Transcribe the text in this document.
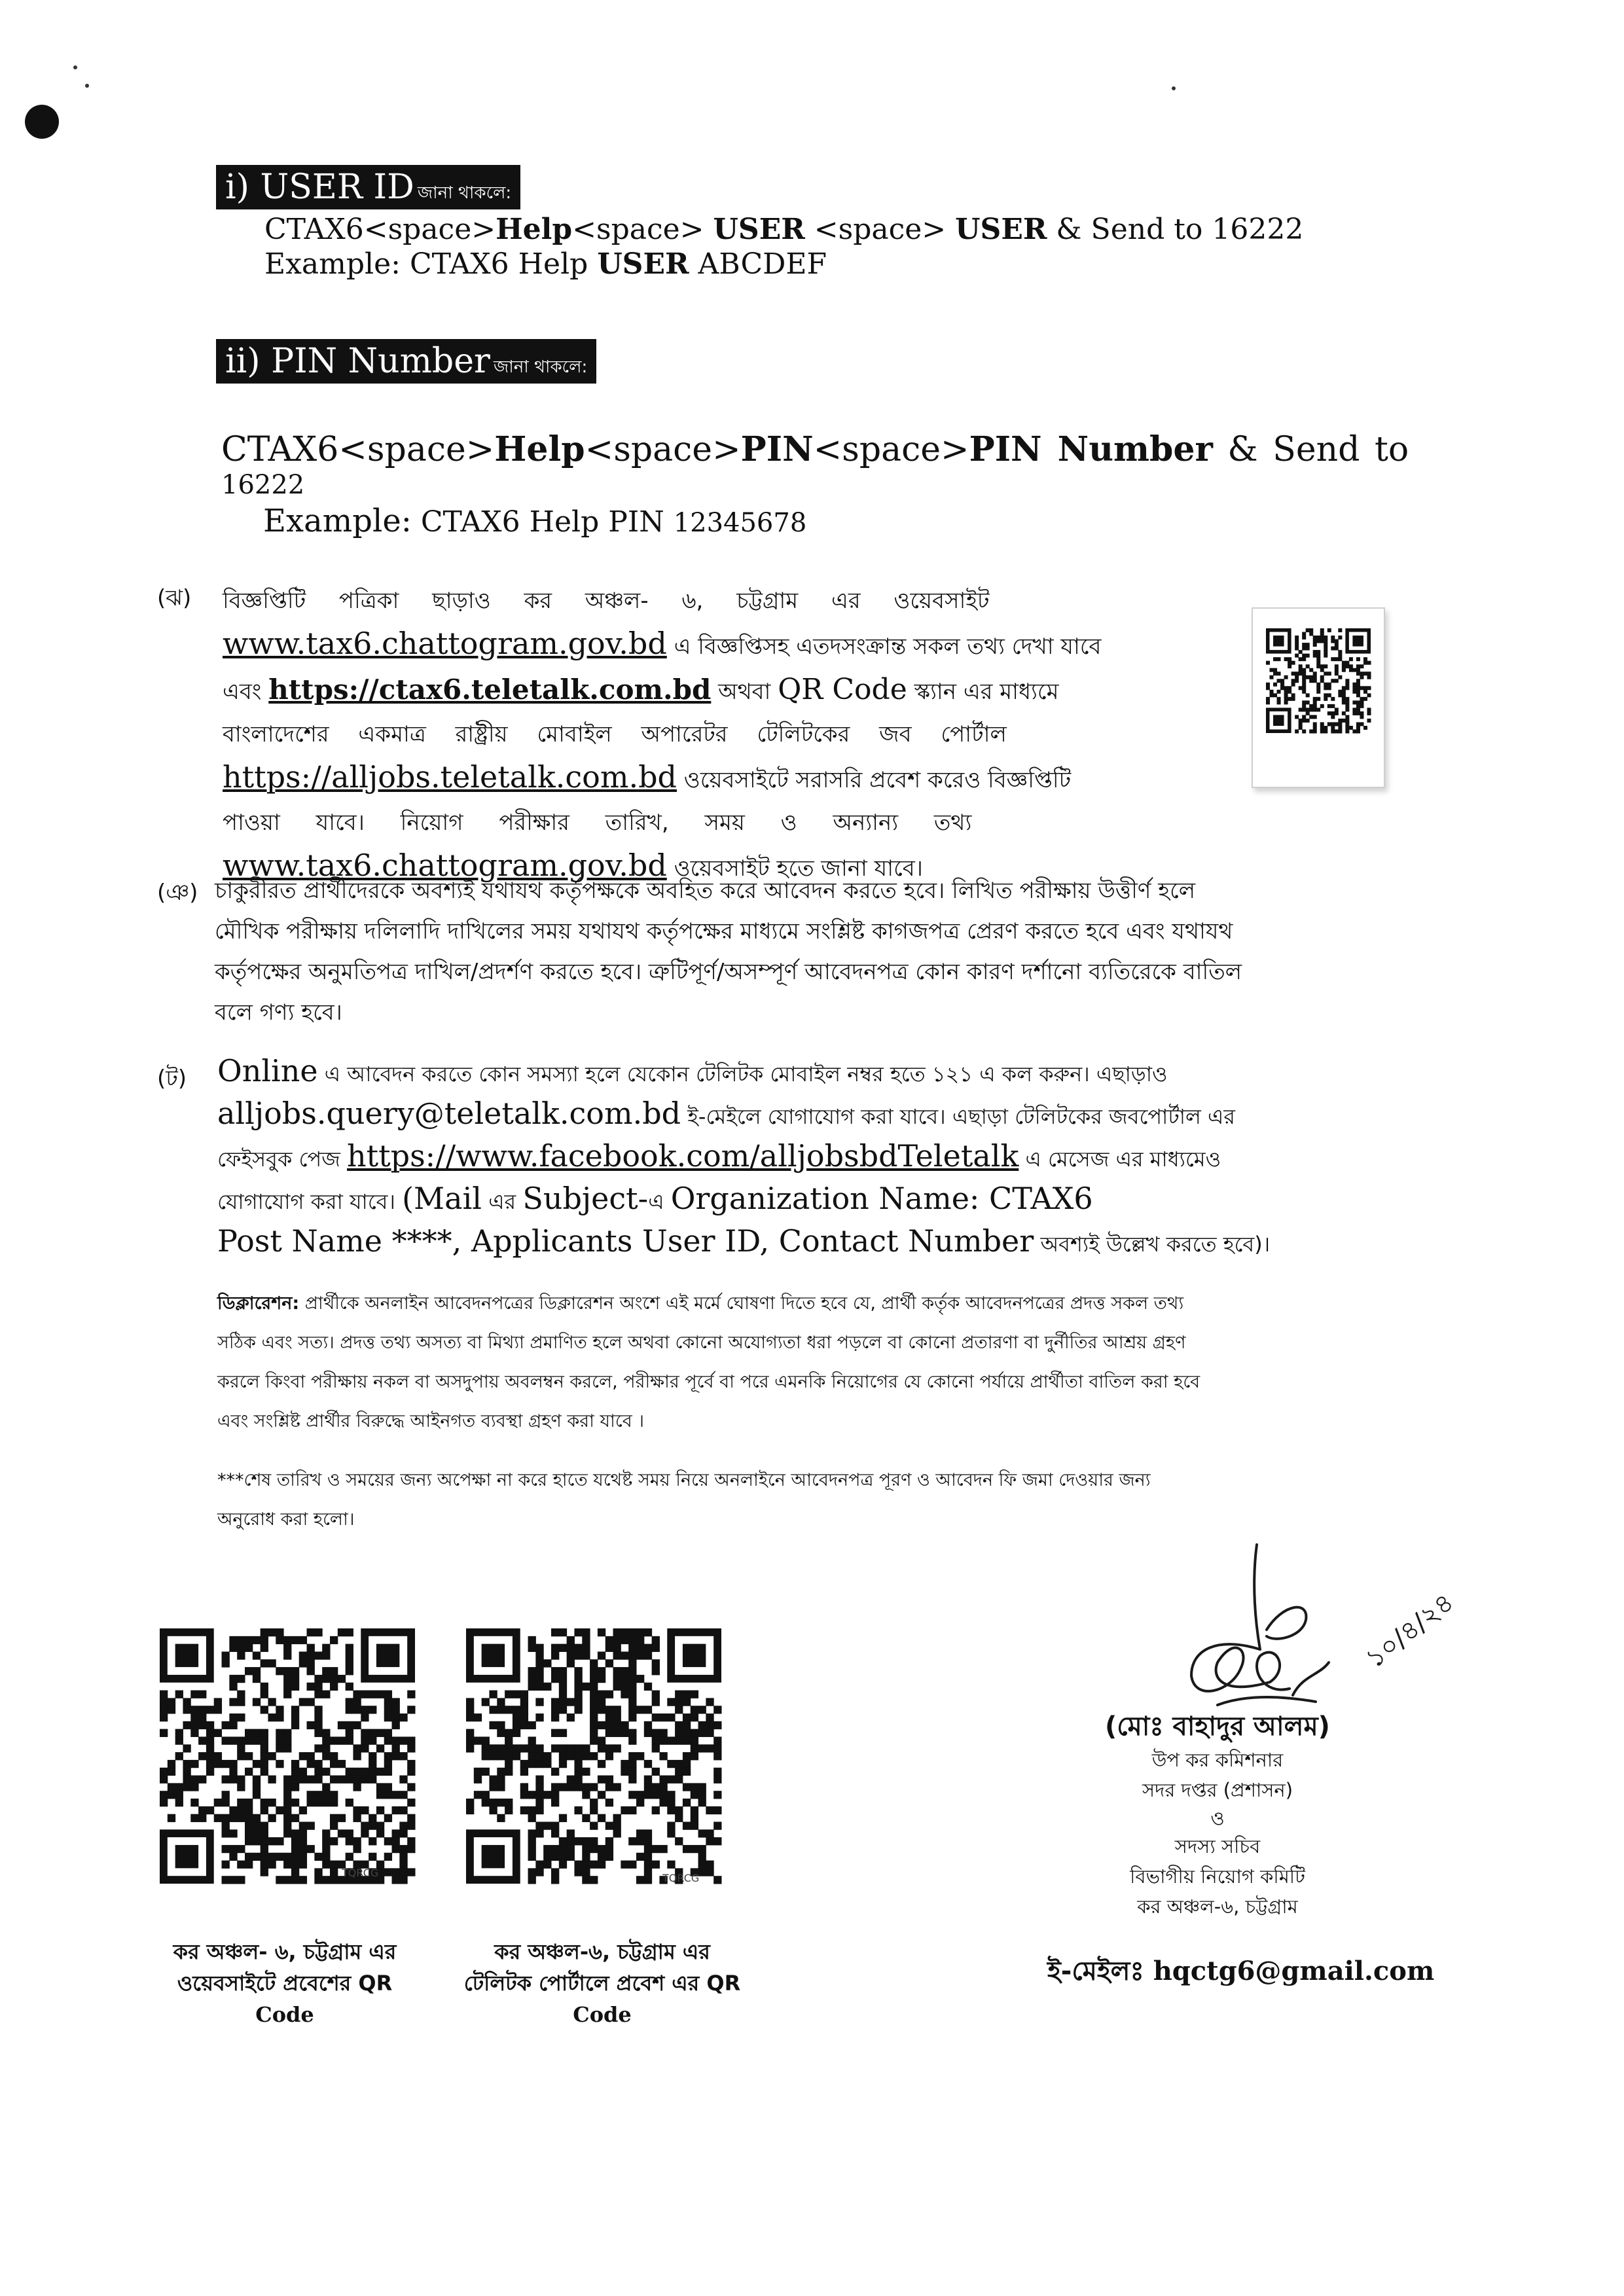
i) USER ID জানা থাকলে:
CTAX6<space>Help<space> USER <space> USER & Send to 16222
Example: CTAX6 Help USER ABCDEF
ii) PIN Number জানা থাকলে:
CTAX6<space>Help<space>PIN<space>PIN Number & Send to
16222
Example: CTAX6 Help PIN 12345678
(ঝ) বিজ্ঞপ্তিটি পত্রিকা ছাড়াও কর অঞ্চল- ৬, চট্টগ্রাম এর ওয়েবসাইট
www.tax6.chattogram.gov.bd এ বিজ্ঞপ্তিসহ এতদসংক্রান্ত সকল তথ্য দেখা যাবে
এবং https://ctax6.teletalk.com.bd অথবা QR Code স্ক্যান এর মাধ্যমে
বাংলাদেশের একমাত্র রাষ্ট্রীয় মোবাইল অপারেটর টেলিটকের জব পোর্টাল
https://alljobs.teletalk.com.bd ওয়েবসাইটে সরাসরি প্রবেশ করেও বিজ্ঞপ্তিটি
পাওয়া যাবে। নিয়োগ পরীক্ষার তারিখ, সময় ও অন্যান্য তথ্য
www.tax6.chattogram.gov.bd ওয়েবসাইট হতে জানা যাবে।
(ঞ) চাকুরীরত প্রার্থীদেরকে অবশ্যই যথাযথ কর্তৃপক্ষকে অবহিত করে আবেদন করতে হবে। লিখিত পরীক্ষায় উত্তীর্ণ হলে
মৌখিক পরীক্ষায় দলিলাদি দাখিলের সময় যথাযথ কর্তৃপক্ষের মাধ্যমে সংশ্লিষ্ট কাগজপত্র প্রেরণ করতে হবে এবং যথাযথ
কর্তৃপক্ষের অনুমতিপত্র দাখিল/প্রদর্শণ করতে হবে। ত্রুটিপূর্ণ/অসম্পূর্ণ আবেদনপত্র কোন কারণ দর্শানো ব্যতিরেকে বাতিল
বলে গণ্য হবে।
(ট) Online এ আবেদন করতে কোন সমস্যা হলে যেকোন টেলিটক মোবাইল নম্বর হতে ১২১ এ কল করুন। এছাড়াও
alljobs.query@teletalk.com.bd ই-মেইলে যোগাযোগ করা যাবে। এছাড়া টেলিটকের জবপোর্টাল এর
ফেইসবুক পেজ https://www.facebook.com/alljobsbdTeletalk এ মেসেজ এর মাধ্যমেও
যোগাযোগ করা যাবে। (Mail এর Subject-এ Organization Name: CTAX6
Post Name ****, Applicants User ID, Contact Number অবশ্যই উল্লেখ করতে হবে)।
ডিক্লারেশন: প্রার্থীকে অনলাইন আবেদনপত্রের ডিক্লারেশন অংশে এই মর্মে ঘোষণা দিতে হবে যে, প্রার্থী কর্তৃক আবেদনপত্রের প্রদত্ত সকল তথ্য
সঠিক এবং সত্য। প্রদত্ত তথ্য অসত্য বা মিথ্যা প্রমাণিত হলে অথবা কোনো অযোগ্যতা ধরা পড়লে বা কোনো প্রতারণা বা দুর্নীতির আশ্রয় গ্রহণ
করলে কিংবা পরীক্ষায় নকল বা অসদুপায় অবলম্বন করলে, পরীক্ষার পূর্বে বা পরে এমনকি নিয়োগের যে কোনো পর্যায়ে প্রার্থীতা বাতিল করা হবে
এবং সংশ্লিষ্ট প্রার্থীর বিরুদ্ধে আইনগত ব্যবস্থা গ্রহণ করা যাবে ।
***শেষ তারিখ ও সময়ের জন্য অপেক্ষা না করে হাতে যথেষ্ট সময় নিয়ে অনলাইনে আবেদনপত্র পূরণ ও আবেদন ফি জমা দেওয়ার জন্য
অনুরোধ করা হলো।
TQRCG
কর অঞ্চল- ৬, চট্টগ্রাম এর
ওয়েবসাইটে প্রবেশের QR
Code
TQRCG
কর অঞ্চল-৬, চট্টগ্রাম এর
টেলিটক পোর্টালে প্রবেশ এর QR
Code
১০/৪/২৪
(মোঃ বাহাদুর আলম)
উপ কর কমিশনার
সদর দপ্তর (প্রশাসন)
ও
সদস্য সচিব
বিভাগীয় নিয়োগ কমিটি
কর অঞ্চল-৬, চট্টগ্রাম
ই-মেইলঃ hqctg6@gmail.com
